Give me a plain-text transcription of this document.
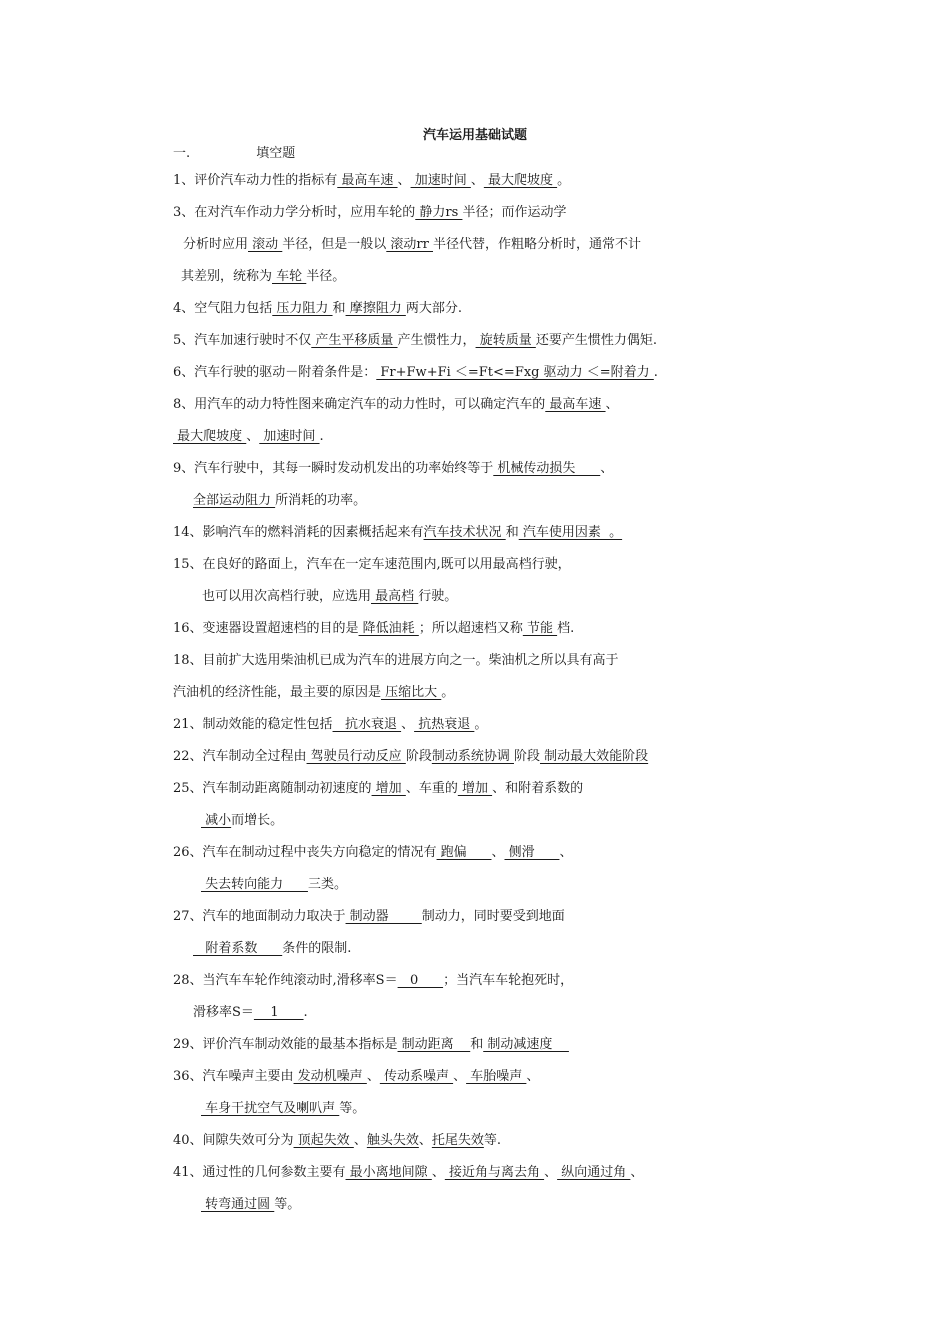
汽车运用基础试题
一.                填空题
1、评价汽车动力性的指标有 最高车速 、 加速时间 、 最大爬坡度 。
3、在对汽车作动力学分析时，应用车轮的 静力rs 半径；而作运动学
分析时应用 滚动 半径，但是一般以 滚动rr 半径代替，作粗略分析时，通常不计
其差别，统称为 车轮 半径。
4、空气阻力包括 压力阻力 和 摩擦阻力 两大部分.
5、汽车加速行驶时不仅 产生平移质量 产生惯性力， 旋转质量 还要产生惯性力偶矩.
6、汽车行驶的驱动－附着条件是： Fr+Fw+Fi ＜=Ft<=Fxg 驱动力 ＜=附着力 .
8、用汽车的动力特性图来确定汽车的动力性时，可以确定汽车的 最高车速 、
最大爬坡度 、 加速时间 .
9、汽车行驶中，其每一瞬时发动机发出的功率始终等于 机械传动损失      、
全部运动阻力 所消耗的功率。
14、影响汽车的燃料消耗的因素概括起来有汽车技术状况 和 汽车使用因素  。
15、在良好的路面上，汽车在一定车速范围内,既可以用最高档行驶，
也可以用次高档行驶，应选用 最高档 行驶。
16、变速器设置超速档的目的是 降低油耗 ；所以超速档又称 节能 档.
18、目前扩大选用柴油机已成为汽车的进展方向之一。柴油机之所以具有高于
汽油机的经济性能，最主要的原因是 压缩比大 。
21、制动效能的稳定性包括   抗水衰退 、 抗热衰退 。
22、汽车制动全过程由 驾驶员行动反应 阶段制动系统协调 阶段 制动最大效能阶段
25、汽车制动距离随制动初速度的 增加 、车重的 增加 、和附着系数的
减小而增长。
26、汽车在制动过程中丧失方向稳定的情况有 跑偏      、 侧滑      、
失去转向能力      三类。
27、汽车的地面制动力取决于 制动器        制动力，同时要受到地面
附着系数      条件的限制.
28、当汽车车轮作纯滚动时,滑移率S＝   0      ；当汽车车轮抱死时，
滑移率S＝    1      .
29、评价汽车制动效能的最基本指标是 制动距离    和 制动减速度
36、汽车噪声主要由 发动机噪声 、 传动系噪声 、 车胎噪声 、
车身干扰空气及喇叭声 等。
40、间隙失效可分为 顶起失效 、触头失效、托尾失效等.
41、通过性的几何参数主要有 最小离地间隙 、 接近角与离去角 、 纵向通过角 、
转弯通过圆 等。
